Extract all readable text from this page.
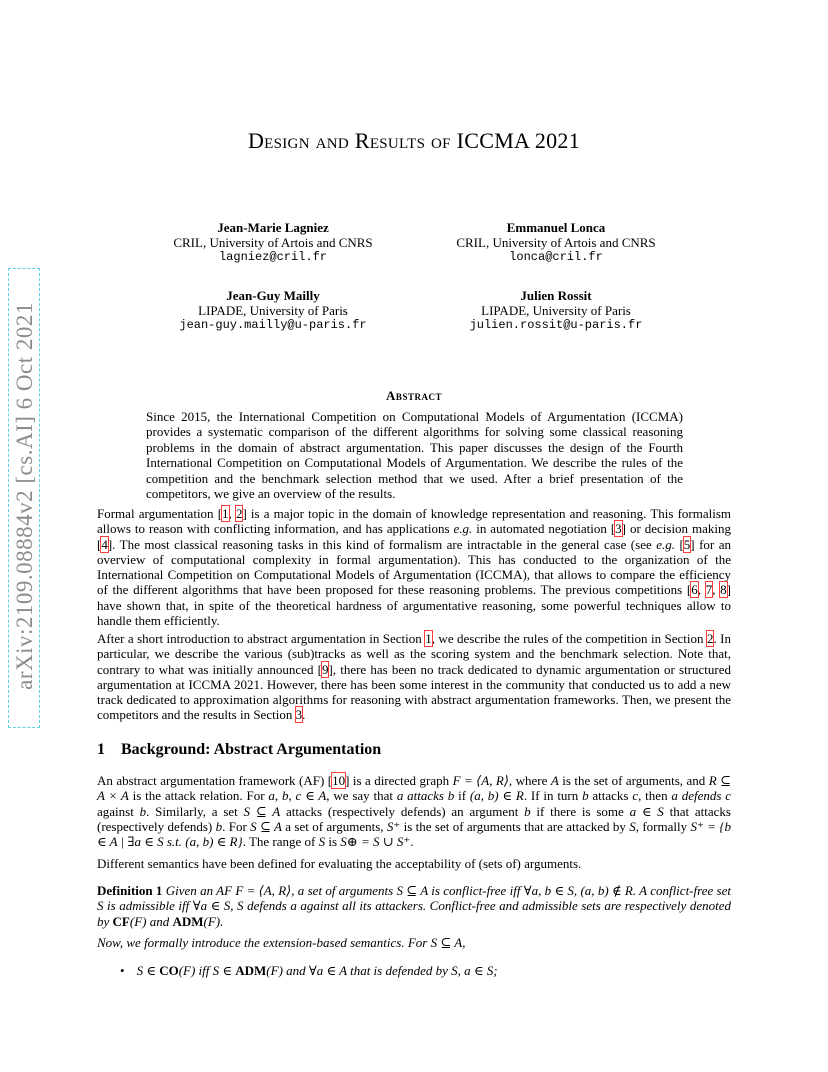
Design and Results of ICCMA 2021
arXiv:2109.08884v2 [cs.AI] 6 Oct 2021
Jean-Marie Lagniez
CRIL, University of Artois and CNRS
lagniez@cril.fr
Emmanuel Lonca
CRIL, University of Artois and CNRS
lonca@cril.fr
Jean-Guy Mailly
LIPADE, University of Paris
jean-guy.mailly@u-paris.fr
Julien Rossit
LIPADE, University of Paris
julien.rossit@u-paris.fr
Abstract
Since 2015, the International Competition on Computational Models of Argumentation (ICCMA) provides a systematic comparison of the different algorithms for solving some classical reasoning problems in the domain of abstract argumentation. This paper discusses the design of the Fourth International Competition on Computational Models of Argumentation. We describe the rules of the competition and the benchmark selection method that we used. After a brief presentation of the competitors, we give an overview of the results.
Formal argumentation [1, 2] is a major topic in the domain of knowledge representation and reasoning. This formalism allows to reason with conflicting information, and has applications e.g. in automated negotiation [3] or decision making [4]. The most classical reasoning tasks in this kind of formalism are intractable in the general case (see e.g. [5] for an overview of computational complexity in formal argumentation). This has conducted to the organization of the International Competition on Computational Models of Argumentation (ICCMA), that allows to compare the efficiency of the different algorithms that have been proposed for these reasoning problems. The previous competitions [6, 7, 8] have shown that, in spite of the theoretical hardness of argumentative reasoning, some powerful techniques allow to handle them efficiently.
After a short introduction to abstract argumentation in Section 1, we describe the rules of the competition in Section 2. In particular, we describe the various (sub)tracks as well as the scoring system and the benchmark selection. Note that, contrary to what was initially announced [9], there has been no track dedicated to dynamic argumentation or structured argumentation at ICCMA 2021. However, there has been some interest in the community that conducted us to add a new track dedicated to approximation algorithms for reasoning with abstract argumentation frameworks. Then, we present the competitors and the results in Section 3.
1 Background: Abstract Argumentation
An abstract argumentation framework (AF) [10] is a directed graph F = ⟨A, R⟩, where A is the set of arguments, and R ⊆ A × A is the attack relation. For a, b, c ∈ A, we say that a attacks b if (a, b) ∈ R. If in turn b attacks c, then a defends c against b. Similarly, a set S ⊆ A attacks (respectively defends) an argument b if there is some a ∈ S that attacks (respectively defends) b. For S ⊆ A a set of arguments, S⁺ is the set of arguments that are attacked by S, formally S⁺ = {b ∈ A | ∃a ∈ S s.t. (a, b) ∈ R}. The range of S is S⊕ = S ∪ S⁺.
Different semantics have been defined for evaluating the acceptability of (sets of) arguments.
Definition 1 Given an AF F = ⟨A, R⟩, a set of arguments S ⊆ A is conflict-free iff ∀a, b ∈ S, (a, b) ∉ R. A conflict-free set S is admissible iff ∀a ∈ S, S defends a against all its attackers. Conflict-free and admissible sets are respectively denoted by CF(F) and ADM(F).
Now, we formally introduce the extension-based semantics. For S ⊆ A,
• S ∈ CO(F) iff S ∈ ADM(F) and ∀a ∈ A that is defended by S, a ∈ S;
